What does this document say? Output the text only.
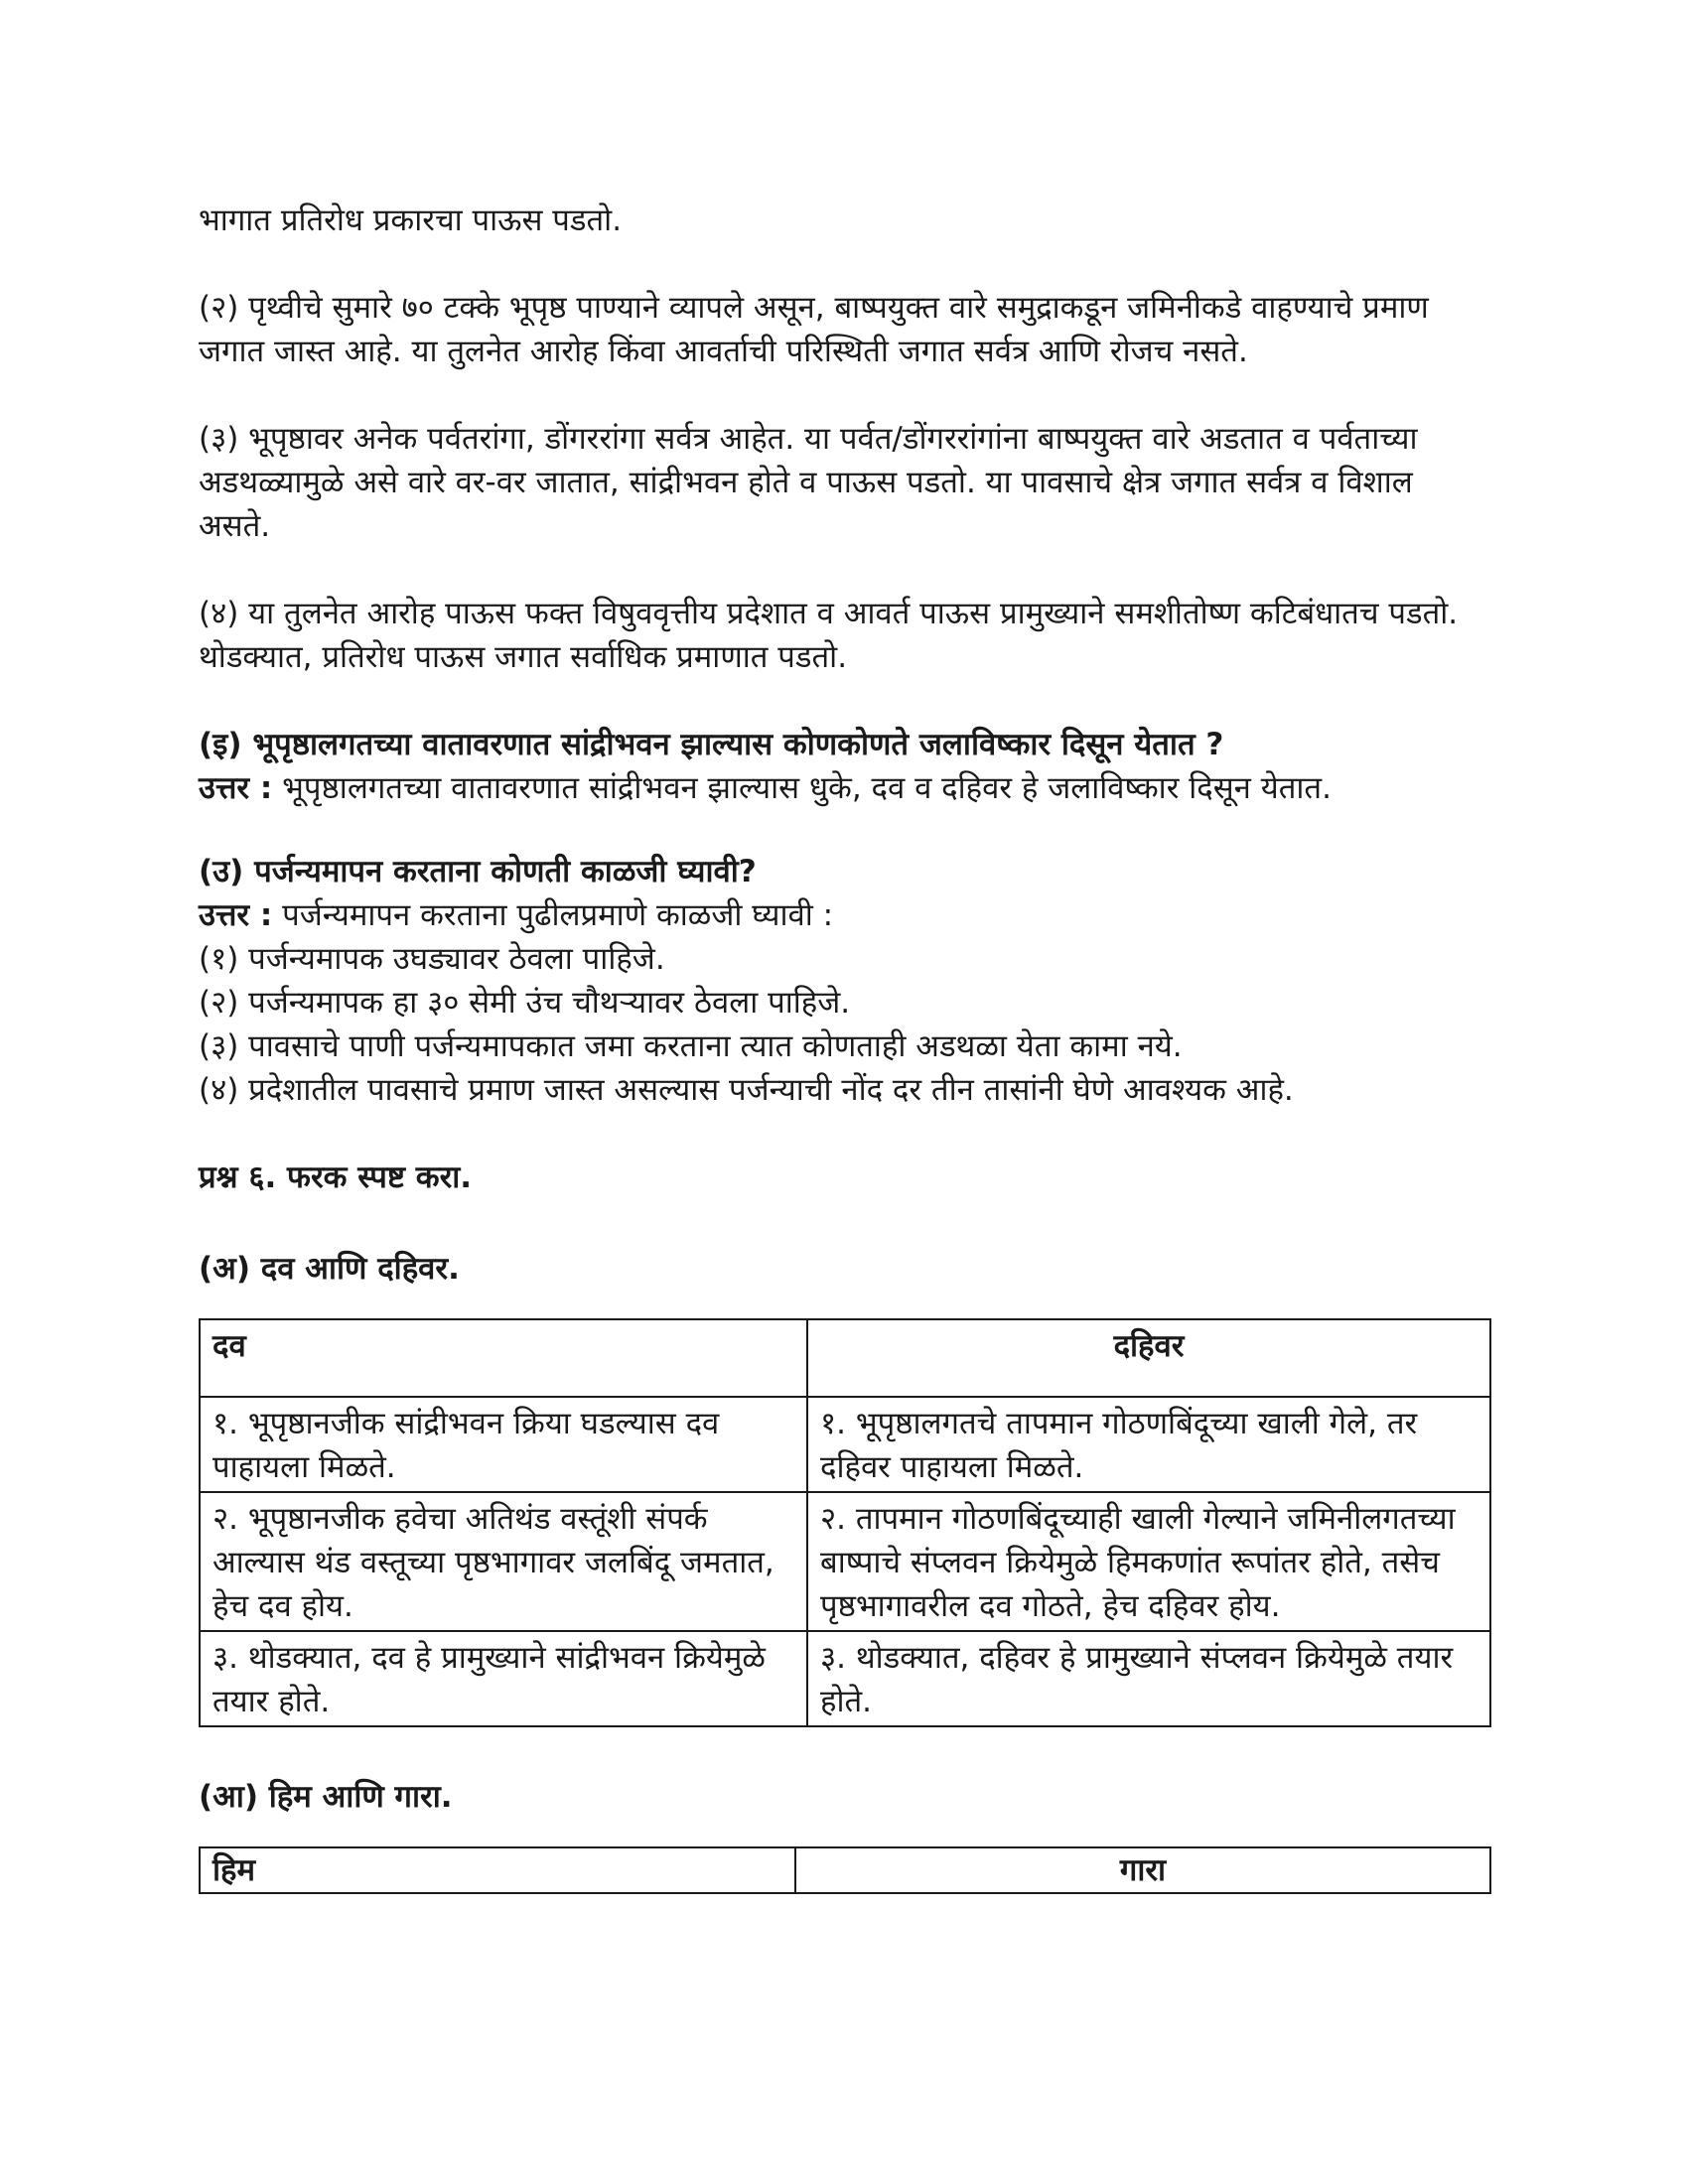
भागात प्रतिरोध प्रकारचा पाऊस पडतो.

(२) पृथ्वीचे सुमारे ७० टक्के भूपृष्ठ पाण्याने व्यापले असून, बाष्पयुक्त वारे समुद्राकडून जमिनीकडे वाहण्याचे प्रमाण जगात जास्त आहे. या तुलनेत आरोह किंवा आवर्ताची परिस्थिती जगात सर्वत्र आणि रोजच नसते.

(३) भूपृष्ठावर अनेक पर्वतरांगा, डोंगररांगा सर्वत्र आहेत. या पर्वत/डोंगररांगांना बाष्पयुक्त वारे अडतात व पर्वताच्या अडथळ्यामुळे असे वारे वर-वर जातात, सांद्रीभवन होते व पाऊस पडतो. या पावसाचे क्षेत्र जगात सर्वत्र व विशाल असते.

(४) या तुलनेत आरोह पाऊस फक्त विषुववृत्तीय प्रदेशात व आवर्त पाऊस प्रामुख्याने समशीतोष्ण कटिबंधातच पडतो. थोडक्यात, प्रतिरोध पाऊस जगात सर्वाधिक प्रमाणात पडतो.

(इ) भूपृष्ठालगतच्या वातावरणात सांद्रीभवन झाल्यास कोणकोणते जलाविष्कार दिसून येतात ?

उत्तर : भूपृष्ठालगतच्या वातावरणात सांद्रीभवन झाल्यास धुके, दव व दहिवर हे जलाविष्कार दिसून येतात.

(उ) पर्जन्यमापन करताना कोणती काळजी घ्यावी?

उत्तर : पर्जन्यमापन करताना पुढीलप्रमाणे काळजी घ्यावी :

(१) पर्जन्यमापक उघड्यावर ठेवला पाहिजे.

(२) पर्जन्यमापक हा ३० सेमी उंच चौथऱ्यावर ठेवला पाहिजे.

(३) पावसाचे पाणी पर्जन्यमापकात जमा करताना त्यात कोणताही अडथळा येता कामा नये.

(४) प्रदेशातील पावसाचे प्रमाण जास्त असल्यास पर्जन्याची नोंद दर तीन तासांनी घेणे आवश्यक आहे.

प्रश्न ६. फरक स्पष्ट करा.

(अ) दव आणि दहिवर.

दव	दहिवर
१. भूपृष्ठानजीक सांद्रीभवन क्रिया घडल्यास दव पाहायला मिळते.	१. भूपृष्ठालगतचे तापमान गोठणबिंदूच्या खाली गेले, तर दहिवर पाहायला मिळते.
२. भूपृष्ठानजीक हवेचा अतिथंड वस्तूंशी संपर्क आल्यास थंड वस्तूच्या पृष्ठभागावर जलबिंदू जमतात, हेच दव होय.	२. तापमान गोठणबिंदूच्याही खाली गेल्याने जमिनीलगतच्या बाष्पाचे संप्लवन क्रियेमुळे हिमकणांत रूपांतर होते, तसेच पृष्ठभागावरील दव गोठते, हेच दहिवर होय.
३. थोडक्यात, दव हे प्रामुख्याने सांद्रीभवन क्रियेमुळे तयार होते.	३. थोडक्यात, दहिवर हे प्रामुख्याने संप्लवन क्रियेमुळे तयार होते.

(आ) हिम आणि गारा.

हिम	गारा
